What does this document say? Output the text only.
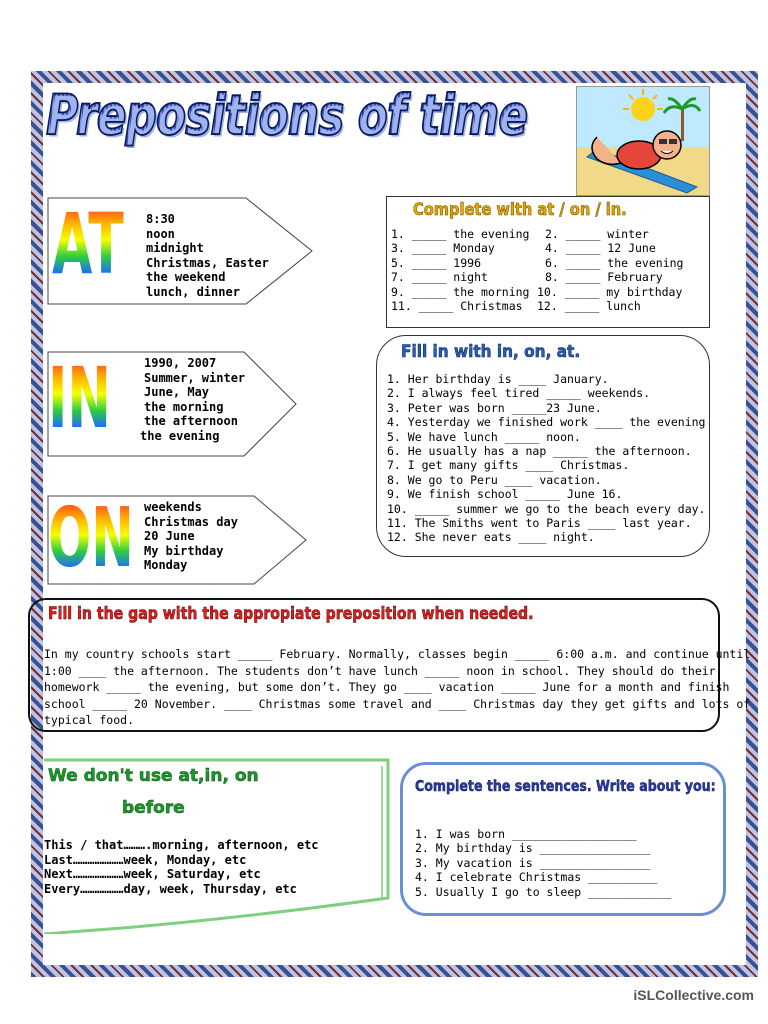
Prepositions of time
AT 8:30
noon
midnight
Christmas, Easter
the weekend
lunch, dinner
IN	1990, 2007
Summer, winter
June, May
the morning
the afternoon
the evening
ON weekends
Christmas day
20 June
My birthday
Monday
Complete with at / on / in.
1. _____ the evening 2. _____ winter
3. _____ Monday	4. _____ 12 June
5. _____ 1996	6. _____ the evening
7. _____ night	8. _____ February
9. _____ the morning 10. _____ my birthday
11. _____ Christmas 12. _____ lunch
Fill in with in, on, at.
1. Her birthday is ____ January.
2. I always feel tired _____ weekends.
3. Peter was born _____23 June.
4. Yesterday we finished work ____ the evening
5. We have lunch _____ noon.
6. He usually has a nap _____ the afternoon.
7. I get many gifts ____ Christmas.
8. We go to Peru ____ vacation.
9. We finish school _____ June 16.
10. _____ summer we go to the beach every day.
11. The Smiths went to Paris ____ last year.
12. She never eats ____ night.
Fill in the gap with the appropiate preposition when needed.
In my country schools start _____ February. Normally, classes begin _____ 6:00 a.m. and continue until
1:00 ____ the afternoon. The students don’t have lunch _____ noon in school. They should do their
homework _____ the evening, but some don’t. They go ____ vacation _____ June for a month and finish
school _____ 20 November. ____ Christmas some travel and ____ Christmas day they get gifts and lots of
typical food.
We don't use at,in, on
before
This / that……….morning, afternoon, etc
Last…………………week, Monday, etc
Next…………………week, Saturday, etc
Every………………day, week, Thursday, etc
Complete the sentences. Write about you:
1. I was born __________________
2. My birthday is ________________
3. My vacation is ________________
4. I celebrate Christmas __________
5. Usually I go to sleep ____________
iSLCollective.com
